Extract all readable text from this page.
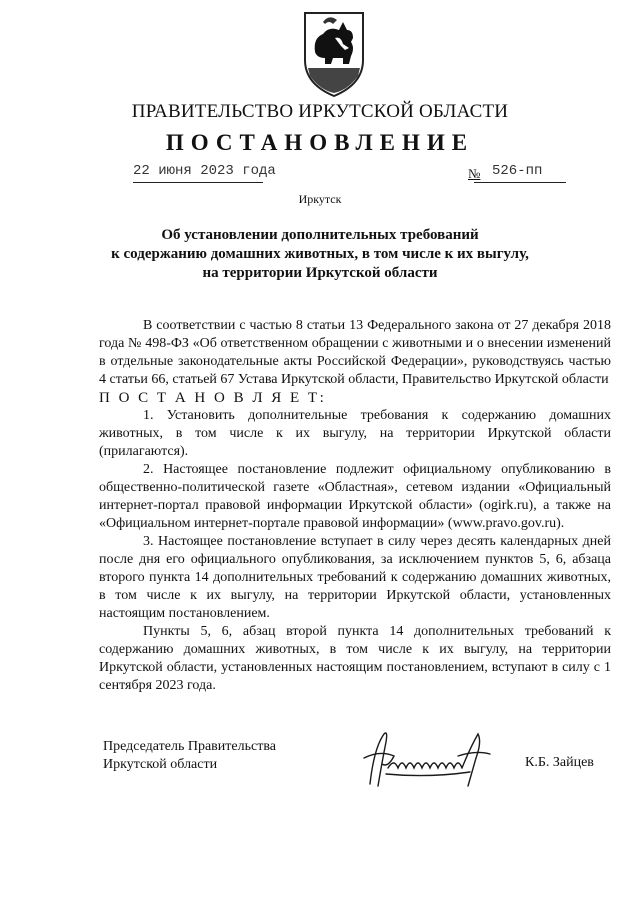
ПРАВИТЕЛЬСТВО ИРКУТСКОЙ ОБЛАСТИ
ПОСТАНОВЛЕНИЕ
22 июня 2023 года	№ 526-пп
Иркутск
Об установлении дополнительных требований
к содержанию домашних животных, в том числе к их выгулу,
на территории Иркутской области

В соответствии с частью 8 статьи 13 Федерального закона от 27 декабря 2018 года № 498-ФЗ «Об ответственном обращении с животными и о внесении изменений в отдельные законодательные акты Российской Федерации», руководствуясь частью 4 статьи 66, статьей 67 Устава Иркутской области, Правительство Иркутской области

П О С Т А Н О В Л Я Е Т:

1. Установить дополнительные требования к содержанию домашних животных, в том числе к их выгулу, на территории Иркутской области (прилагаются).

2. Настоящее постановление подлежит официальному опубликованию в общественно-политической газете «Областная», сетевом издании «Официальный интернет-портал правовой информации Иркутской области» (ogirk.ru), а также на «Официальном интернет-портале правовой информации» (www.pravo.gov.ru).

3. Настоящее постановление вступает в силу через десять календарных дней после дня его официального опубликования, за исключением пунктов 5, 6, абзаца второго пункта 14 дополнительных требований к содержанию домашних животных, в том числе к их выгулу, на территории Иркутской области, установленных настоящим постановлением.

Пункты 5, 6, абзац второй пункта 14 дополнительных требований к содержанию домашних животных, в том числе к их выгулу, на территории Иркутской области, установленных настоящим постановлением, вступают в силу с 1 сентября 2023 года.

Председатель Правительства
Иркутской области	К.Б. Зайцев
